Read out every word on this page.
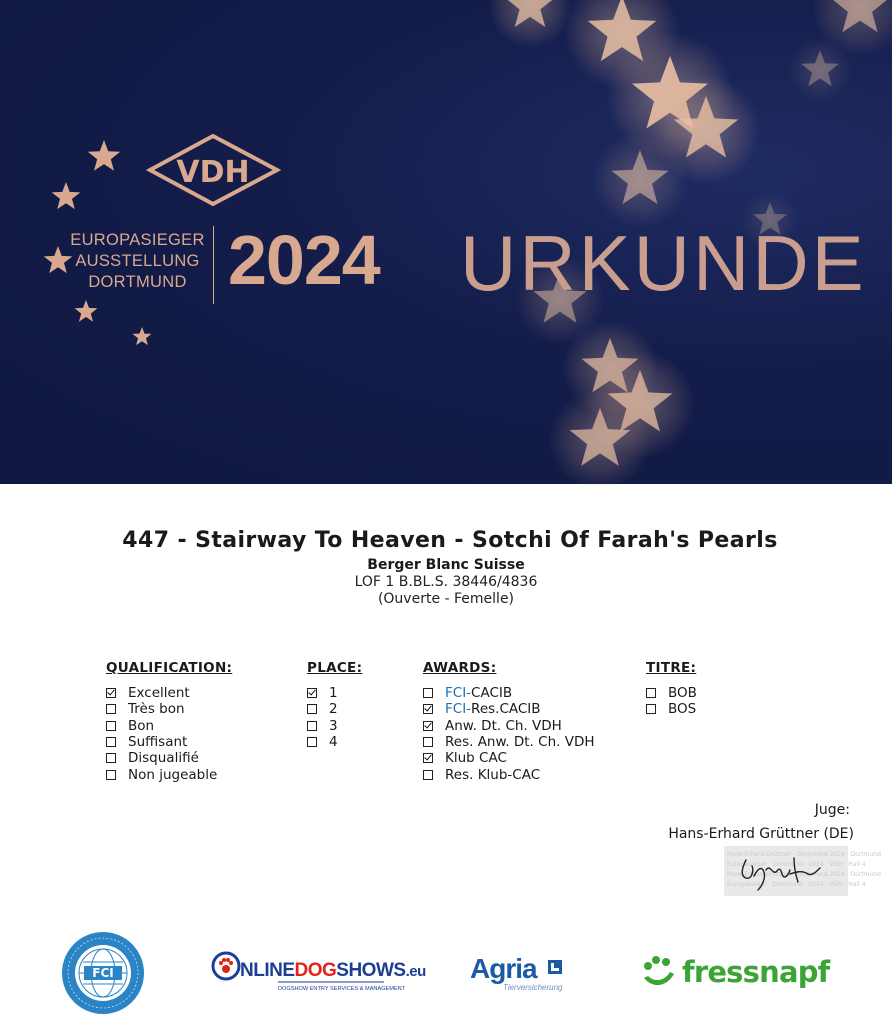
VDH
EUROPASIEGER
AUSSTELLUNG
DORTMUND 2024 URKUNDE
447 - Stairway To Heaven - Sotchi Of Farah's Pearls
Berger Blanc Suisse
LOF 1 B.BL.S. 38446/4836
(Ouverte - Femelle)
QUALIFICATION:
Excellent
Très bon
Bon
Suffisant
Disqualifié
Non jugeable
PLACE:
1
2
3
4
AWARDS:
FCI- CACIB
FCI- Res.CACIB
Anw. Dt. Ch. VDH
Res. Anw. Dt. Ch. VDH
Klub CAC
Res. Klub-CAC
TITRE:
BOB
BOS
Juge:
Hans-Erhard Grüttner (DE)
Hans-Erhard Grüttner · Dortmund 2024 · Dortmund
Europasieger · Dortmund · 2024 · VDH · Hall 4
Hans-Erhard Grüttner · Dortmund 2024 · Dortmund
Europasieger · Dortmund · 2024 · VDH · Hall 4
FCI	NLINEDOGSHOWS.eu
DOGSHOW ENTRY SERVICES & MANAGEMENT
Agria
Tierversicherung	fressnapf
